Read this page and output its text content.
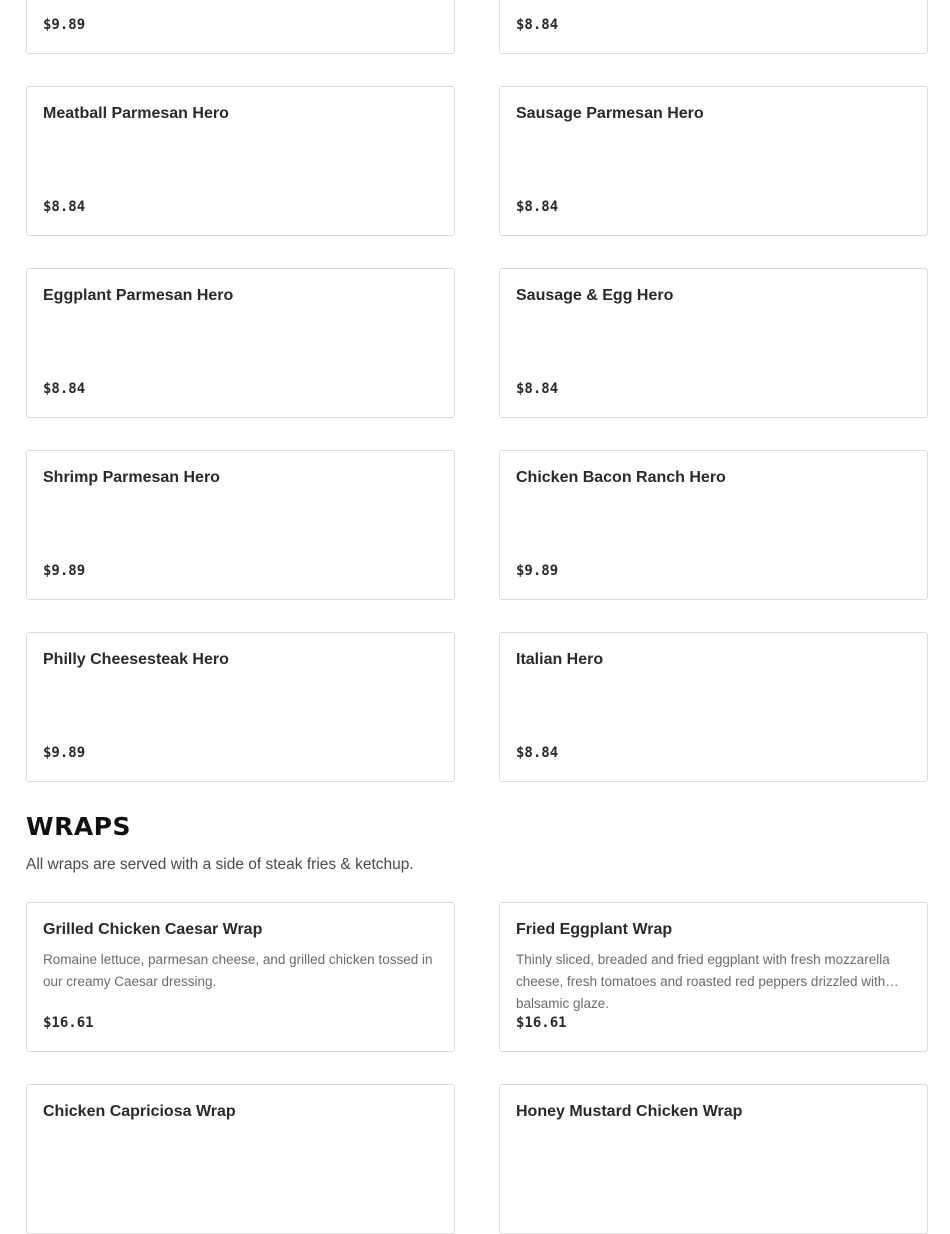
$9.89	$8.84
Meatball Parmesan Hero
$8.84
Sausage Parmesan Hero
$8.84
Eggplant Parmesan Hero
$8.84
Sausage & Egg Hero
$8.84
Shrimp Parmesan Hero
$9.89
Chicken Bacon Ranch Hero
$9.89
Philly Cheesesteak Hero
$9.89
Italian Hero
$8.84
WRAPS
All wraps are served with a side of steak fries & ketchup.
Grilled Chicken Caesar Wrap
Romaine lettuce, parmesan cheese, and grilled chicken tossed in our creamy Caesar dressing.
$16.61
Fried Eggplant Wrap
Thinly sliced, breaded and fried eggplant with fresh mozzarella cheese, fresh tomatoes and roasted red peppers drizzled with balsamic glaze.
$16.61
Chicken Capriciosa Wrap	Honey Mustard Chicken Wrap
